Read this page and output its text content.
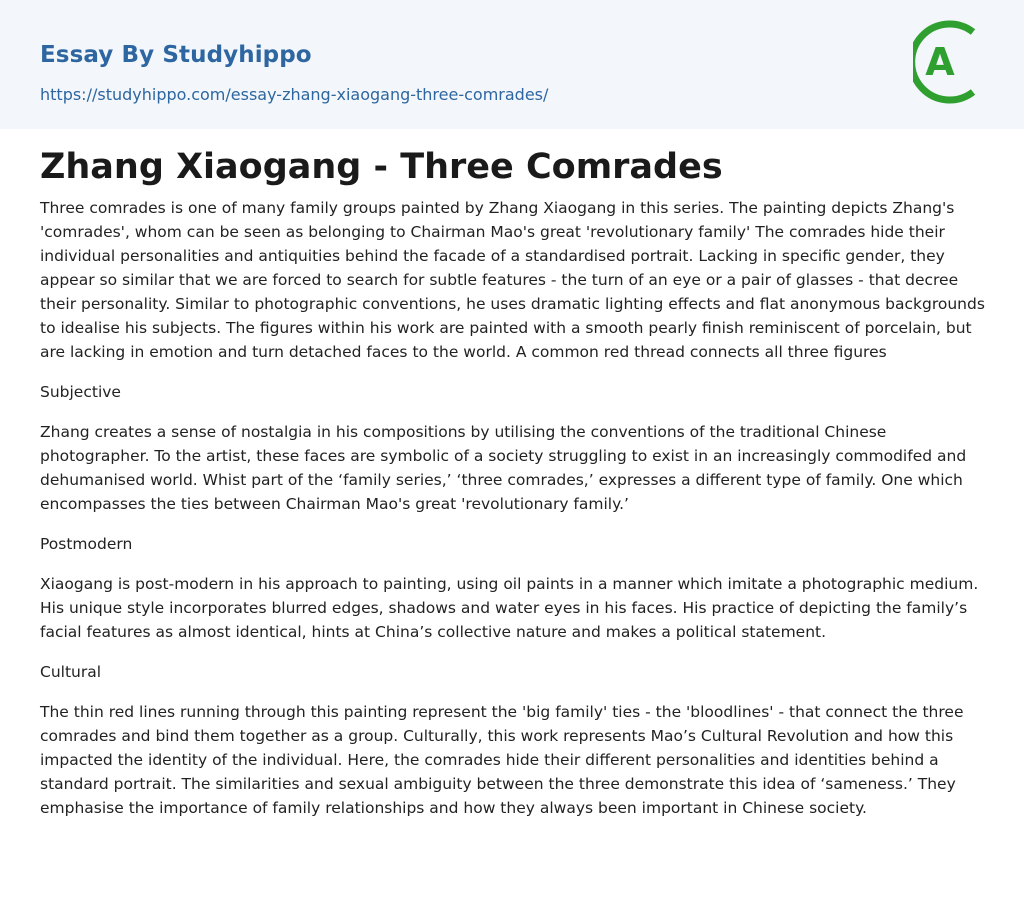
Essay By Studyhippo
https://studyhippo.com/essay-zhang-xiaogang-three-comrades/
A
Zhang Xiaogang - Three Comrades

Three comrades is one of many family groups painted by Zhang Xiaogang in this series. The painting depicts Zhang's 'comrades', whom can be seen as belonging to Chairman Mao's great 'revolutionary family' The comrades hide their individual personalities and antiquities behind the facade of a standardised portrait. Lacking in specific gender, they appear so similar that we are forced to search for subtle features - the turn of an eye or a pair of glasses - that decree their personality. Similar to photographic conventions, he uses dramatic lighting effects and flat anonymous backgrounds to idealise his subjects. The figures within his work are painted with a smooth pearly finish reminiscent of porcelain, but are lacking in emotion and turn detached faces to the world. A common red thread connects all three figures

Subjective

Zhang creates a sense of nostalgia in his compositions by utilising the conventions of the traditional Chinese photographer. To the artist, these faces are symbolic of a society struggling to exist in an increasingly commodifed and dehumanised world. Whist part of the ‘family series,’ ‘three comrades,’ expresses a different type of family. One which encompasses the ties between Chairman Mao's great 'revolutionary family.’

Postmodern

Xiaogang is post-modern in his approach to painting, using oil paints in a manner which imitate a photographic medium. His unique style incorporates blurred edges, shadows and water eyes in his faces. His practice of depicting the family’s facial features as almost identical, hints at China’s collective nature and makes a political statement.

Cultural

The thin red lines running through this painting represent the 'big family' ties - the 'bloodlines' - that connect the three comrades and bind them together as a group. Culturally, this work represents Mao’s Cultural Revolution and how this impacted the identity of the individual. Here, the comrades hide their different personalities and identities behind a standard portrait. The similarities and sexual ambiguity between the three demonstrate this idea of ‘sameness.’ They emphasise the importance of family relationships and how they always been important in Chinese society.
